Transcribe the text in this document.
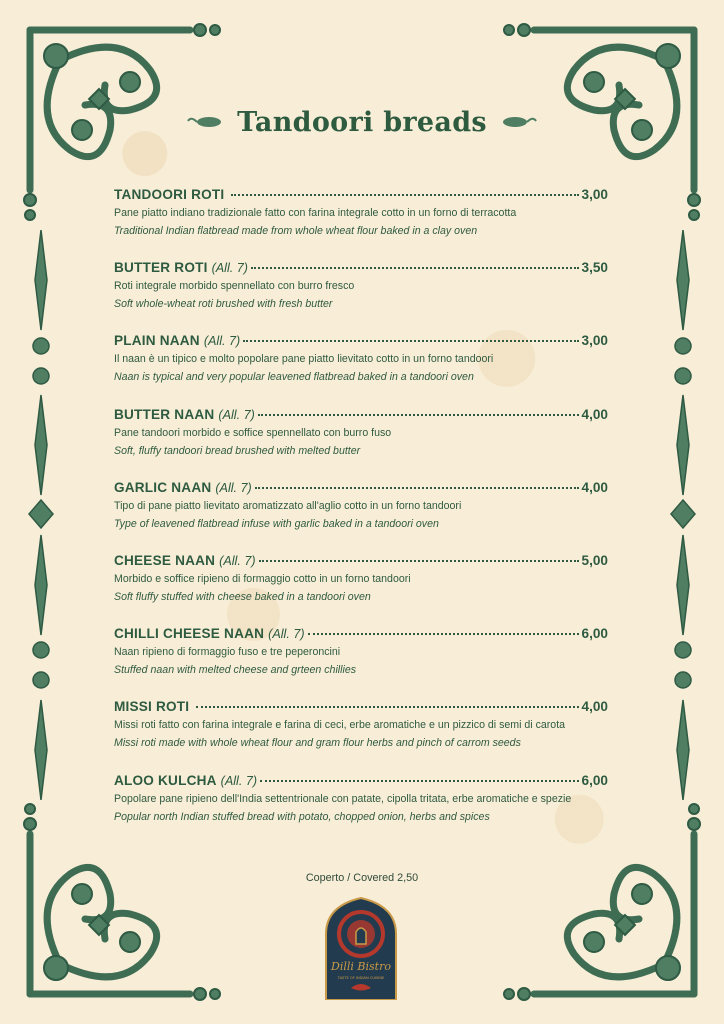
Tandoori breads
TANDOORI ROTI	3,00
Pane piatto indiano tradizionale fatto con farina integrale cotto in un forno di terracotta
Traditional Indian flatbread made from whole wheat flour baked in a clay oven
BUTTER ROTI (All. 7)	3,50
Roti integrale morbido spennellato con burro fresco
Soft whole-wheat roti brushed with fresh butter
PLAIN NAAN (All. 7)	3,00
Il naan è un tipico e molto popolare pane piatto lievitato cotto in un forno tandoori
Naan is typical and very popular leavened flatbread baked in a tandoori oven
BUTTER NAAN (All. 7)	4,00
Pane tandoori morbido e soffice spennellato con burro fuso
Soft, fluffy tandoori bread brushed with melted butter
GARLIC NAAN (All. 7)	4,00
Tipo di pane piatto lievitato aromatizzato all'aglio cotto in un forno tandoori
Type of leavened flatbread infuse with garlic baked in a tandoori oven
CHEESE NAAN (All. 7)	5,00
Morbido e soffice ripieno di formaggio cotto in un forno tandoori
Soft fluffy stuffed with cheese baked in a tandoori oven
CHILLI CHEESE NAAN (All. 7)	6,00
Naan ripieno di formaggio fuso e tre peperoncini
Stuffed naan with melted cheese and grteen chillies
MISSI ROTI	4,00
Missi roti fatto con farina integrale e farina di ceci, erbe aromatiche e un pizzico di semi di carota
Missi roti made with whole wheat flour and gram flour herbs and pinch of carrom seeds
ALOO KULCHA (All. 7)	6,00
Popolare pane ripieno dell'India settentrionale con patate, cipolla tritata, erbe aromatiche e spezie
Popular north Indian stuffed bread with potato, chopped onion, herbs and spices
Coperto / Covered 2,50
Dilli Bistro
TASTE OF INDIAN CUISINE
